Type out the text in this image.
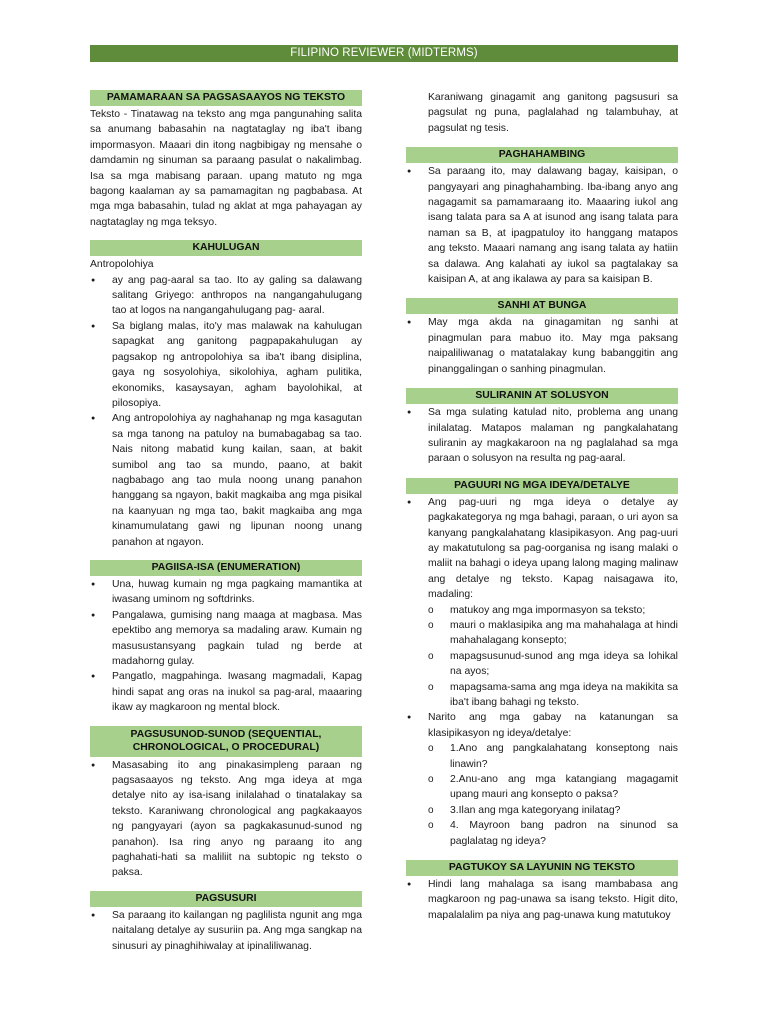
FILIPINO REVIEWER (MIDTERMS)
PAMAMARAAN SA PAGSASAAYOS NG TEKSTO

Teksto - Tinatawag na teksto ang mga pangunahing salita sa anumang babasahin na nagtataglay ng iba't ibang impormasyon. Maaari din itong nagbibigay ng mensahe o damdamin ng sinuman sa paraang pasulat o nakalimbag. Isa sa mga mabisang paraan. upang matuto ng mga bagong kaalaman ay sa pamamagitan ng pagbabasa. At mga mga babasahin, tulad ng aklat at mga pahayagan ay nagtataglay ng mga teksyo.

KAHULUGAN

Antropolohiya

● ay ang pag-aaral sa tao. Ito ay galing sa dalawang salitang Griyego: anthropos na nangangahulugang tao at logos na nangangahulugang pag- aaral.
● Sa biglang malas, ito'y mas malawak na kahulugan sapagkat ang ganitong pagpapakahulugan ay pagsakop ng antropolohiya sa iba't ibang disiplina, gaya ng sosyolohiya, sikolohiya, agham pulitika, ekonomiks, kasaysayan, agham bayolohikal, at pilosopiya.
● Ang antropolohiya ay naghahanap ng mga kasagutan sa mga tanong na patuloy na bumabagabag sa tao. Nais nitong mabatid kung kailan, saan, at bakit sumibol ang tao sa mundo, paano, at bakit nagbabago ang tao mula noong unang panahon hanggang sa ngayon, bakit magkaiba ang mga pisikal na kaanyuan ng mga tao, bakit magkaiba ang mga kinamumulatang gawi ng lipunan noong unang panahon at ngayon.
PAGIISA-ISA (ENUMERATION)
● Una, huwag kumain ng mga pagkaing mamantika at iwasang uminom ng softdrinks.
● Pangalawa, gumising nang maaga at magbasa. Mas epektibo ang memorya sa madaling araw. Kumain ng masusustansyang pagkain tulad ng berde at madahorng gulay.
● Pangatlo, magpahinga. Iwasang magmadali, Kapag hindi sapat ang oras na inukol sa pag-aral, maaaring ikaw ay magkaroon ng mental block.
PAGSUSUNOD-SUNOD (SEQUENTIAL,
CHRONOLOGICAL, O PROCEDURAL)
● Masasabing ito ang pinakasimpleng paraan ng pagsasaayos ng teksto. Ang mga ideya at mga detalye nito ay isa-isang inilalahad o tinatalakay sa teksto. Karaniwang chronological ang pagkakaayos ng pangyayari (ayon sa pagkakasunud-sunod ng panahon). Isa ring anyo ng paraang ito ang paghahati-hati sa maliliit na subtopic ng teksto o paksa.
PAGSUSURI
● Sa paraang ito kailangan ng paglilista ngunit ang mga naitalang detalye ay susuriin pa. Ang mga sangkap na sinusuri ay pinaghihiwalay at ipinaliliwanag.
Karaniwang ginagamit ang ganitong pagsusuri sa pagsulat ng puna, paglalahad ng talambuhay, at pagsulat ng tesis.
PAGHAHAMBING
● Sa paraang ito, may dalawang bagay, kaisipan, o pangyayari ang pinaghahambing. Iba-ibang anyo ang nagagamit sa pamamaraang ito. Maaaring iukol ang isang talata para sa A at isunod ang isang talata para naman sa B, at ipagpatuloy ito hanggang matapos ang teksto. Maaari namang ang isang talata ay hatiin sa dalawa. Ang kalahati ay iukol sa pagtalakay sa kaisipan A, at ang ikalawa ay para sa kaisipan B.
SANHI AT BUNGA
● May mga akda na ginagamitan ng sanhi at pinagmulan para mabuo ito. May mga paksang naipaliliwanag o matatalakay kung babanggitin ang pinanggalingan o sanhing pinagmulan.
SULIRANIN AT SOLUSYON
● Sa mga sulating katulad nito, problema ang unang inilalatag. Matapos malaman ng pangkalahatang suliranin ay magkakaroon na ng paglalahad sa mga paraan o solusyon na resulta ng pag-aaral.
PAGUURI NG MGA IDEYA/DETALYE
● Ang pag-uuri ng mga ideya o detalye ay pagkakategorya ng mga bahagi, paraan, o uri ayon sa kanyang pangkalahatang klasipikasyon. Ang pag-uuri ay makatutulong sa pag-oorganisa ng isang malaki o maliit na bahagi o ideya upang lalong maging malinaw ang detalye ng teksto. Kapag naisagawa ito, madaling:
o matukoy ang mga impormasyon sa teksto;
o mauri o maklasipika ang ma mahahalaga at hindi mahahalagang konsepto;
o mapagsusunud-sunod ang mga ideya sa lohikal na ayos;
o mapagsama-sama ang mga ideya na makikita sa iba't ibang bahagi ng teksto.
● Narito ang mga gabay na katanungan sa klasipikasyon ng ideya/detalye:
o 1.Ano ang pangkalahatang konseptong nais linawin?
o 2.Anu-ano ang mga katangiang magagamit upang mauri ang konsepto o paksa?
o 3.Ilan ang mga kategoryang inilatag?
o 4. Mayroon bang padron na sinunod sa paglalatag ng ideya?
PAGTUKOY SA LAYUNIN NG TEKSTO
● Hindi lang mahalaga sa isang mambabasa ang magkaroon ng pag-unawa sa isang teksto. Higit dito, mapalalalim pa niya ang pag-unawa kung matutukoy
